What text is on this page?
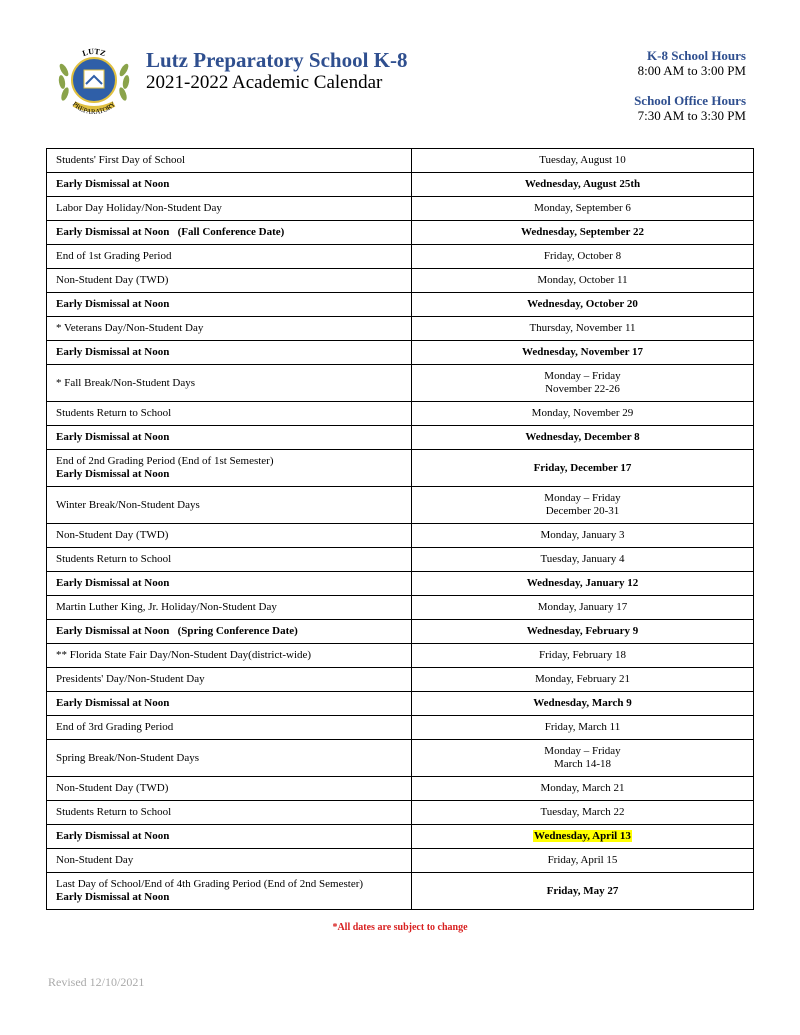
LUTZ
PREPARATORY
Lutz Preparatory School K-8
2021-2022 Academic Calendar
K-8 School Hours
8:00 AM to 3:00 PM
School Office Hours
7:30 AM to 3:30 PM
Students' First Day of School	Tuesday, August 10

Early Dismissal at Noon	Wednesday, August 25th

Labor Day Holiday/Non-Student Day	Monday, September 6

Early Dismissal at Noon   (Fall Conference Date)	Wednesday, September 22

End of 1st Grading Period	Friday, October 8

Non-Student Day (TWD)	Monday, October 11

Early Dismissal at Noon	Wednesday, October 20

* Veterans Day/Non-Student Day	Thursday, November 11

Early Dismissal at Noon	Wednesday, November 17

* Fall Break/Non-Student Days	Monday – Friday
November 22-26

Students Return to School	Monday, November 29

Early Dismissal at Noon	Wednesday, December 8

End of 2nd Grading Period (End of 1st Semester)
Early Dismissal at Noon	Friday, December 17

Winter Break/Non-Student Days	Monday – Friday
December 20-31

Non-Student Day (TWD)	Monday, January 3

Students Return to School	Tuesday, January 4

Early Dismissal at Noon	Wednesday, January 12

Martin Luther King, Jr. Holiday/Non-Student Day	Monday, January 17

Early Dismissal at Noon   (Spring Conference Date)	Wednesday, February 9

** Florida State Fair Day/Non-Student Day(district-wide)	Friday, February 18

Presidents' Day/Non-Student Day	Monday, February 21

Early Dismissal at Noon	Wednesday, March 9

End of 3rd Grading Period	Friday, March 11

Spring Break/Non-Student Days	Monday – Friday
March 14-18

Non-Student Day (TWD)	Monday, March 21

Students Return to School	Tuesday, March 22

Early Dismissal at Noon	Wednesday, April 13

Non-Student Day	Friday, April 15

Last Day of School/End of 4th Grading Period (End of 2nd Semester)
Early Dismissal at Noon	Friday, May 27
*All dates are subject to change
Revised 12/10/2021
